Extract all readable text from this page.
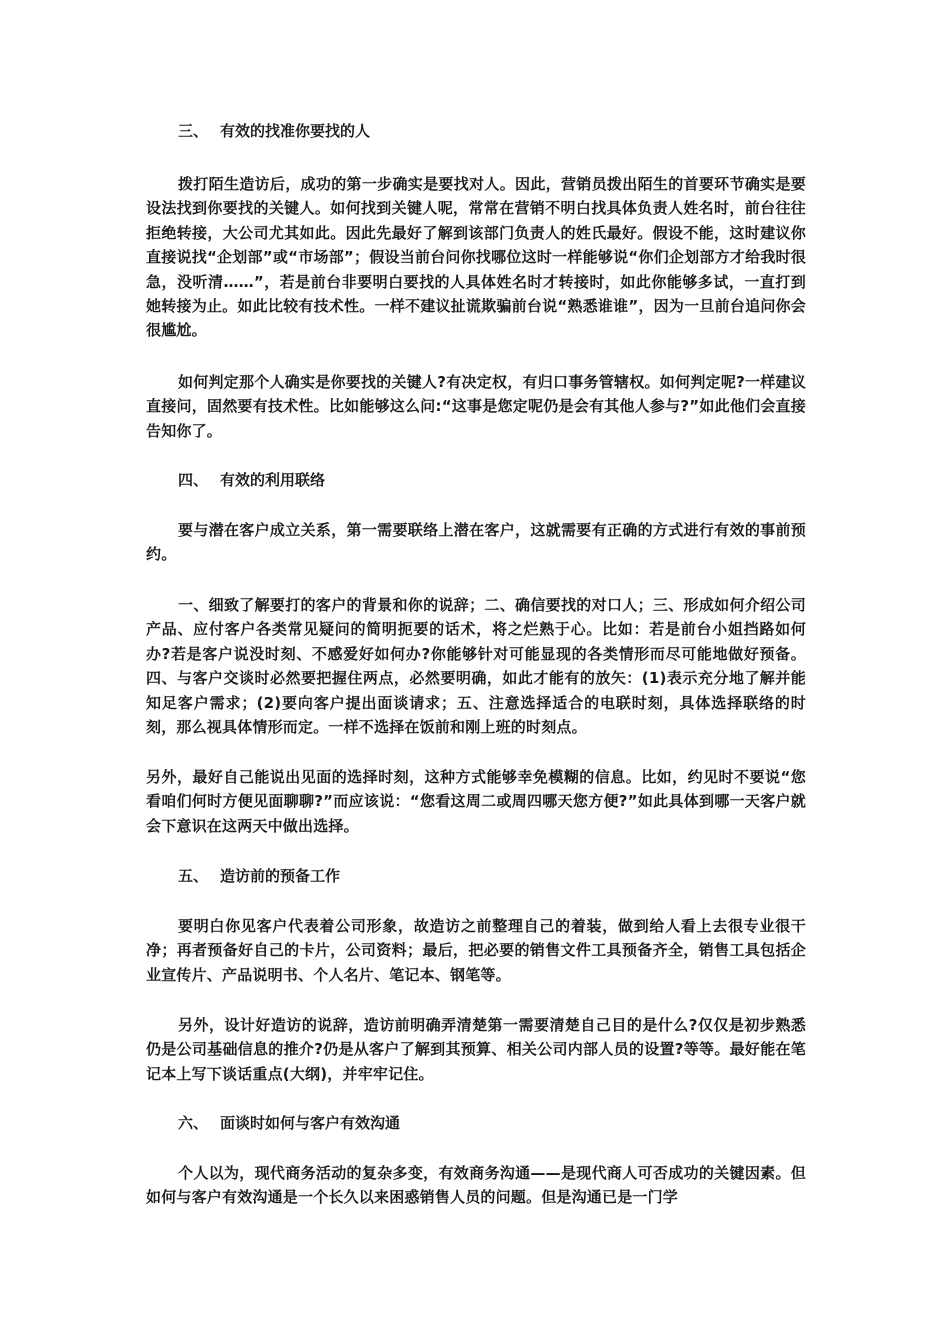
三、 有效的找准你要找的人
拨打陌生造访后，成功的第一步确实是要找对人。因此，营销员拨出陌生的首要环节确实是要设法找到你要找的关键人。如何找到关键人呢，常常在营销不明白找具体负责人姓名时，前台往往拒绝转接，大公司尤其如此。因此先最好了解到该部门负责人的姓氏最好。假设不能，这时建议你直接说找“企划部”或“市场部”；假设当前台问你找哪位这时一样能够说“你们企划部方才给我时很急，没听清……”，若是前台非要明白要找的人具体姓名时才转接时，如此你能够多试，一直打到她转接为止。如此比较有技术性。一样不建议扯谎欺骗前台说“熟悉谁谁”，因为一旦前台追问你会很尴尬。
如何判定那个人确实是你要找的关键人?有决定权，有归口事务管辖权。如何判定呢?一样建议直接问，固然要有技术性。比如能够这么问:“这事是您定呢仍是会有其他人参与?”如此他们会直接告知你了。
四、 有效的利用联络
要与潜在客户成立关系，第一需要联络上潜在客户，这就需要有正确的方式进行有效的事前预约。
一、细致了解要打的客户的背景和你的说辞；二、确信要找的对口人；三、形成如何介绍公司产品、应付客户各类常见疑问的简明扼要的话术，将之烂熟于心。比如：若是前台小姐挡路如何办?若是客户说没时刻、不感爱好如何办?你能够针对可能显现的各类情形而尽可能地做好预备。四、与客户交谈时必然要把握住两点，必然要明确，如此才能有的放矢：(1)表示充分地了解并能知足客户需求；(2)要向客户提出面谈请求；五、注意选择适合的电联时刻，具体选择联络的时刻，那么视具体情形而定。一样不选择在饭前和刚上班的时刻点。
另外，最好自己能说出见面的选择时刻，这种方式能够幸免模糊的信息。比如，约见时不要说“您看咱们何时方便见面聊聊?”而应该说：“您看这周二或周四哪天您方便?”如此具体到哪一天客户就会下意识在这两天中做出选择。
五、 造访前的预备工作
要明白你见客户代表着公司形象，故造访之前整理自己的着装，做到给人看上去很专业很干净；再者预备好自己的卡片，公司资料；最后，把必要的销售文件工具预备齐全，销售工具包括企业宣传片、产品说明书、个人名片、笔记本、钢笔等。
另外，设计好造访的说辞，造访前明确弄清楚第一需要清楚自己目的是什么?仅仅是初步熟悉仍是公司基础信息的推介?仍是从客户了解到其预算、相关公司内部人员的设置?等等。最好能在笔记本上写下谈话重点(大纲)，并牢牢记住。
六、 面谈时如何与客户有效沟通
个人以为，现代商务活动的复杂多变，有效商务沟通——是现代商人可否成功的关键因素。但如何与客户有效沟通是一个长久以来困惑销售人员的问题。但是沟通已是一门学
